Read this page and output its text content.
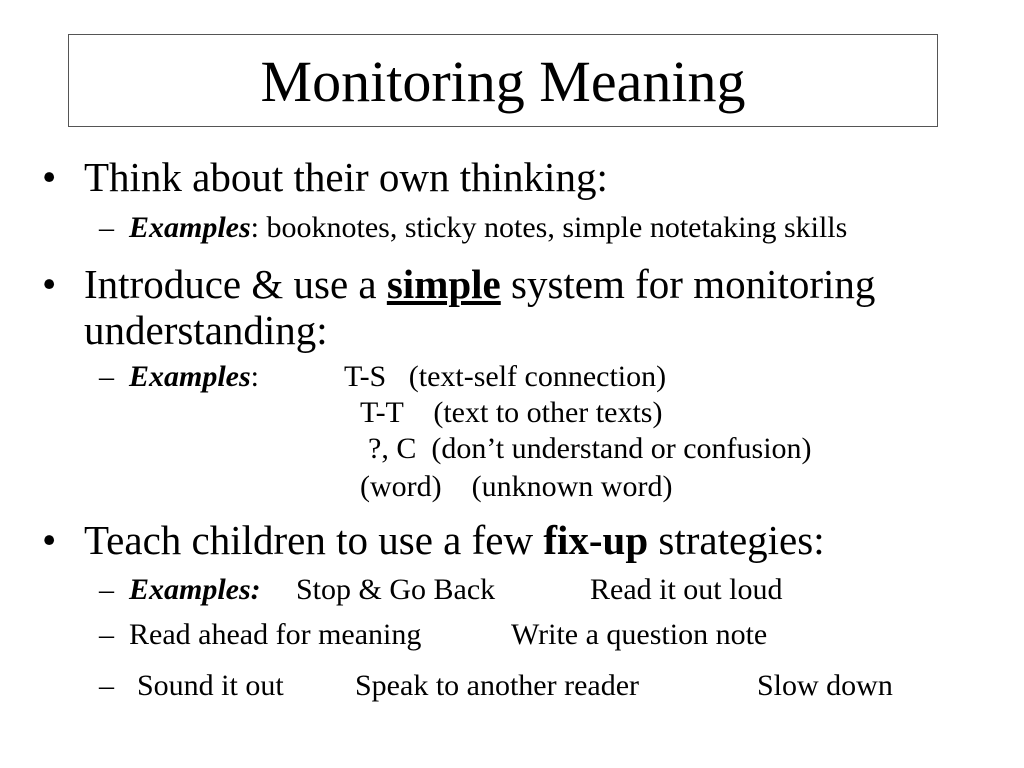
Monitoring Meaning
• Think about their own thinking:
– Examples: booknotes, sticky notes, simple notetaking skills
• Introduce & use a simple system for monitoring
understanding:
– Examples:	T-S   (text-self connection)
T-T    (text to other texts)
?, C  (don’t understand or confusion)
(word)    (unknown word)
• Teach children to use a few fix-up strategies:
– Examples: Stop & Go Back	Read it out loud
– Read ahead for meaning	Write a question note
– Sound it out Speak to another reader	Slow down
